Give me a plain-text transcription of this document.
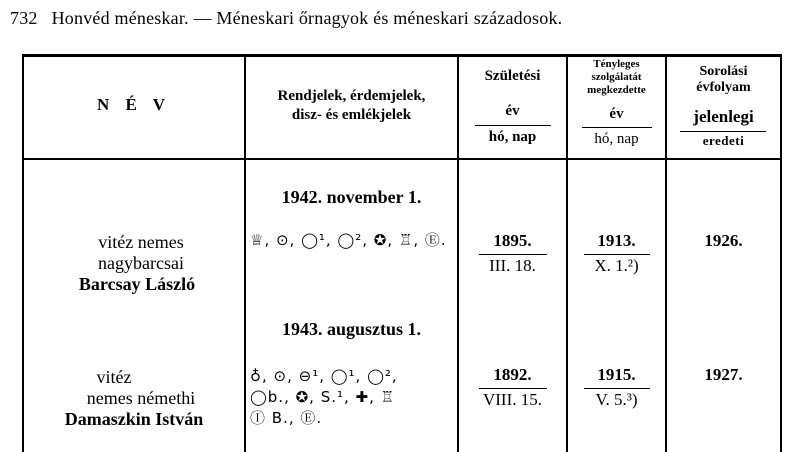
732 Honvéd méneskar. — Méneskari őrnagyok és méneskari századosok.
N É V	Rendjelek, érdemjelek,
disz- és emlékjelek
Születési
év
hó, nap
Tényleges
szolgálatát
megkezdette
év
hó, nap
Sorolási
évfolyam
jelenlegi
eredeti
1942. november 1.
vitéz nemes
nagybarcsai
Barcsay László
♕, ⊙, ◯¹, ◯², ✪, ♖, Ⓔ.	1895.
III. 18.
1913.
X. 1.²)
1926.
1943. augusztus 1.
vitéz
nemes némethi
Damaszkin István
♁, ⊙, ⊖¹, ◯¹, ◯²,
◯b., ✪, S.¹, ✚, ♖
Ⓘ B., Ⓔ.
1892.
VIII. 15.
1915.
V. 5.³)
1927.
